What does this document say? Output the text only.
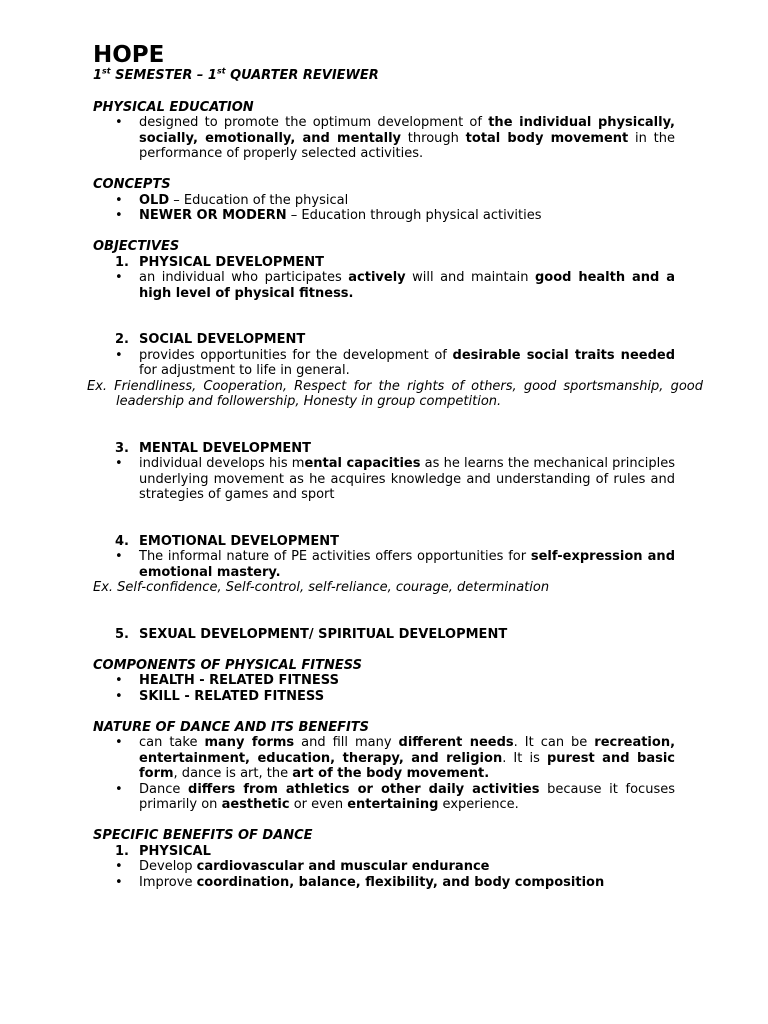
HOPE
1st SEMESTER – 1st QUARTER REVIEWER
PHYSICAL EDUCATION
• designed to promote the optimum development of the individual physically, socially, emotionally, and mentally through total body movement in the performance of properly selected activities.
CONCEPTS
• OLD – Education of the physical
• NEWER OR MODERN – Education through physical activities
OBJECTIVES
1. PHYSICAL DEVELOPMENT
• an individual who participates actively will and maintain good health and a high level of physical fitness.
2. SOCIAL DEVELOPMENT
• provides opportunities for the development of desirable social traits needed for adjustment to life in general.
Ex. Friendliness, Cooperation, Respect for the rights of others, good sportsmanship, good leadership and followership, Honesty in group competition.
3. MENTAL DEVELOPMENT
• individual develops his mental capacities as he learns the mechanical principles underlying movement as he acquires knowledge and understanding of rules and strategies of games and sport
4. EMOTIONAL DEVELOPMENT
• The informal nature of PE activities offers opportunities for self-expression and emotional mastery.
Ex. Self-confidence, Self-control, self-reliance, courage, determination
5. SEXUAL DEVELOPMENT/ SPIRITUAL DEVELOPMENT
COMPONENTS OF PHYSICAL FITNESS
• HEALTH - RELATED FITNESS
• SKILL - RELATED FITNESS
NATURE OF DANCE AND ITS BENEFITS
• can take many forms and fill many different needs. It can be recreation, entertainment, education, therapy, and religion. It is purest and basic form, dance is art, the art of the body movement.
• Dance differs from athletics or other daily activities because it focuses primarily on aesthetic or even entertaining experience.
SPECIFIC BENEFITS OF DANCE
1. PHYSICAL
• Develop cardiovascular and muscular endurance
• Improve coordination, balance, flexibility, and body composition
